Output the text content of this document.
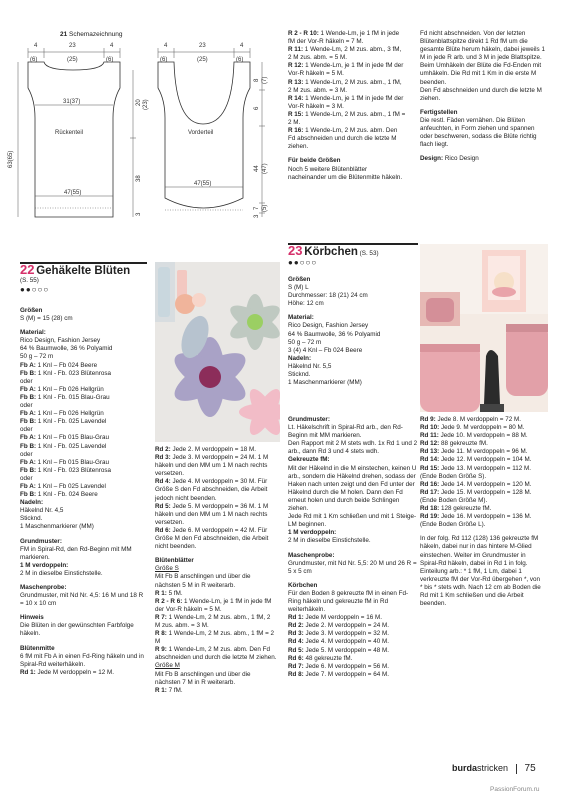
21 Schemazeichnung
4	23	4
(6)	(25)	(6)
31(37)
Rückenteil
47(55)
63(65)
20 (23)
38
3
4	23	4
(6)	(25)	(6)
Vorderteil
47(55)
8 (7)
6
44 (47)
7 (5)
3

R 2 - R 10: 1 Wende-Lm, je 1 fM in jede fM der Vor-R häkeln = 7 M.

R 11: 1 Wende-Lm, 2 M zus. abm., 3 fM, 2 M zus. abm. = 5 M.

R 12: 1 Wende-Lm, je 1 fM in jede fM der Vor-R häkeln = 5 M.

R 13: 1 Wende-Lm, 2 M zus. abm., 1 fM, 2 M zus. abm. = 3 M.

R 14: 1 Wende-Lm, je 1 fM in jede fM der Vor-R häkeln = 3 M.

R 15: 1 Wende-Lm, 2 M zus. abm., 1 fM = 2 M.

R 16: 1 Wende-Lm, 2 M zus. abm. Den Fd abschneiden und durch die letzte M ziehen.

Für beide Größen

Noch 5 weitere Blütenblätter nacheinander um die Blütenmitte häkeln.

Fd nicht abschneiden. Von der letzten Blütenblattspitze direkt 1 Rd fM um die gesamte Blüte herum häkeln, dabei jeweils 1 M in jede R arb. und 3 M in jede Blattspitze. Beim Umhäkeln der Blüte die Fd-Enden mit umhäkeln. Die Rd mit 1 Km in die erste M beenden.

Den Fd abschneiden und durch die letzte M ziehen.

Fertigstellen

Die restl. Fäden vernähen. Die Blüten anfeuchten, in Form ziehen und spannen oder beschweren, sodass die Blüte richtig flach liegt.

Design: Rico Design

22 Gehäkelte Blüten
(S. 55)
●●○○○

Größen

S (M) = 15 (28) cm

Material:

Rico Design, Fashion Jersey

64 % Baumwolle, 36 % Polyamid

50 g – 72 m

Fb A: 1 Knl – Fb 024 Beere

Fb B: 1 Knl - Fb. 023 Blütenrosa

oder

Fb A: 1 Knl – Fb 026 Hellgrün

Fb B: 1 Knl - Fb. 015 Blau-Grau

oder

Fb A: 1 Knl – Fb 026 Hellgrün

Fb B: 1 Knl - Fb. 025 Lavendel

oder

Fb A: 1 Knl – Fb 015 Blau-Grau

Fb B: 1 Knl - Fb. 025 Lavendel

oder

Fb A: 1 Knl – Fb 015 Blau-Grau

Fb B: 1 Knl - Fb. 023 Blütenrosa

oder

Fb A: 1 Knl – Fb 025 Lavendel

Fb B: 1 Knl - Fb. 024 Beere

Nadeln:

Häkelnd Nr. 4,5

Sticknd.

1 Maschenmarkierer (MM)

Grundmuster:

FM in Spiral-Rd, den Rd-Beginn mit MM markieren.

1 M verdoppeln:

2 M in dieselbe Einstichstelle.

Maschenprobe:

Grundmuster, mit Nd Nr. 4,5: 16 M und 18 R = 10 x 10 cm

Hinweis

Die Blüten in der gewünschten Farbfolge häkeln.

Blütenmitte

6 fM mit Fb A in einen Fd-Ring häkeln und in Spiral-Rd weiterhäkeln.

Rd 1: Jede M verdoppeln = 12 M.

Rd 2: Jede 2. M verdoppeln = 18 M.

Rd 3: Jede 3. M verdoppeln = 24 M. 1 M häkeln und den MM um 1 M nach rechts versetzen.

Rd 4: Jede 4. M verdoppeln = 30 M. Für Größe S den Fd abschneiden, die Arbeit jedoch nicht beenden.

Rd 5: Jede 5. M verdoppeln = 36 M. 1 M häkeln und den MM um 1 M nach rechts versetzen.

Rd 6: Jede 6. M verdoppeln = 42 M. Für Größe M den Fd abschneiden, die Arbeit nicht beenden.

Blütenblätter

Größe S

Mit Fb B anschlingen und über die nächsten 5 M in R weiterarb.

R 1: 5 fM.

R 2 - R 6: 1 Wende-Lm, je 1 fM in jede fM der Vor-R häkeln = 5 M.

R 7: 1 Wende-Lm, 2 M zus. abm., 1 fM, 2 M zus. abm. = 3 M.

R 8: 1 Wende-Lm, 2 M zus. abm., 1 fM = 2 M

R 9: 1 Wende-Lm, 2 M zus. abm. Den Fd abschneiden und durch die letzte M ziehen.

Größe M

Mit Fb B anschlingen und über die nächsten 7 M in R weiterarb.

R 1: 7 fM.

23 Körbchen (S. 53)
●●○○○

Größen

S (M) L

Durchmesser: 18 (21) 24 cm

Höhe: 12 cm

Material:

Rico Design, Fashion Jersey

64 % Baumwolle, 36 % Polyamid

50 g – 72 m

3 (4) 4 Knl – Fb 024 Beere

Nadeln:

Häkelnd Nr. 5,5

Sticknd.

1 Maschenmarkierer (MM)

Grundmuster:

Lt. Häkelschrift in Spiral-Rd arb., den Rd-Beginn mit MM markieren.

Den Rapport mit 2 M stets wdh. 1x Rd 1 und 2 arb., dann Rd 3 und 4 stets wdh.

Gekreuzte fM:

Mit der Häkelnd in die M einstechen, keinen U arb., sondern die Häkelnd drehen, sodass der Haken nach unten zeigt und den Fd unter der Häkelnd durch die M holen. Dann den Fd erneut holen und durch beide Schlingen ziehen.

Jede Rd mit 1 Km schließen und mit 1 Steige-LM beginnen.

1 M verdoppeln:

2 M in dieselbe Einstichstelle.

Maschenprobe:

Grundmuster, mit Nd Nr. 5,5: 20 M und 26 R = 5 x 5 cm

Körbchen

Für den Boden 8 gekreuzte fM in einen Fd-Ring häkeln und gekreuzte fM in Rd weiterhäkeln.

Rd 1: Jede M verdoppeln = 16 M.

Rd 2: Jede 2. M verdoppeln = 24 M.

Rd 3: Jede 3. M verdoppeln = 32 M.

Rd 4: Jede 4. M verdoppeln = 40 M.

Rd 5: Jede 5. M verdoppeln = 48 M.

Rd 6: 48 gekreuzte fM.

Rd 7: Jede 6. M verdoppeln = 56 M.

Rd 8: Jede 7. M verdoppeln = 64 M.

Rd 9: Jede 8. M verdoppeln = 72 M.

Rd 10: Jede 9. M verdoppeln = 80 M.

Rd 11: Jede 10. M verdoppeln = 88 M.

Rd 12: 88 gekreuzte fM.

Rd 13: Jede 11. M verdoppeln = 96 M.

Rd 14: Jede 12. M verdoppeln = 104 M.

Rd 15: Jede 13. M verdoppeln = 112 M.

(Ende Boden Größe S).

Rd 16: Jede 14. M verdoppeln = 120 M.

Rd 17: Jede 15. M verdoppeln = 128 M.

(Ende Boden Größe M).

Rd 18: 128 gekreuzte fM.

Rd 19: Jede 16. M verdoppeln = 136 M.

(Ende Boden Größe L).

In der folg. Rd 112 (128) 136 gekreuzte fM häkeln, dabei nur in das hintere M-Glied einstechen. Weiter im Grundmuster in Spiral-Rd häkeln, dabei in Rd 1 in folg. Einteilung arb.: * 1 fM, 1 Lm, dabei 1 verkreuzte fM der Vor-Rd übergehen *, von * bis * stets wdh. Nach 12 cm ab Boden die Rd mit 1 Km schließen und die Arbeit beenden.

burdastricken 75
PassionForum.ru
